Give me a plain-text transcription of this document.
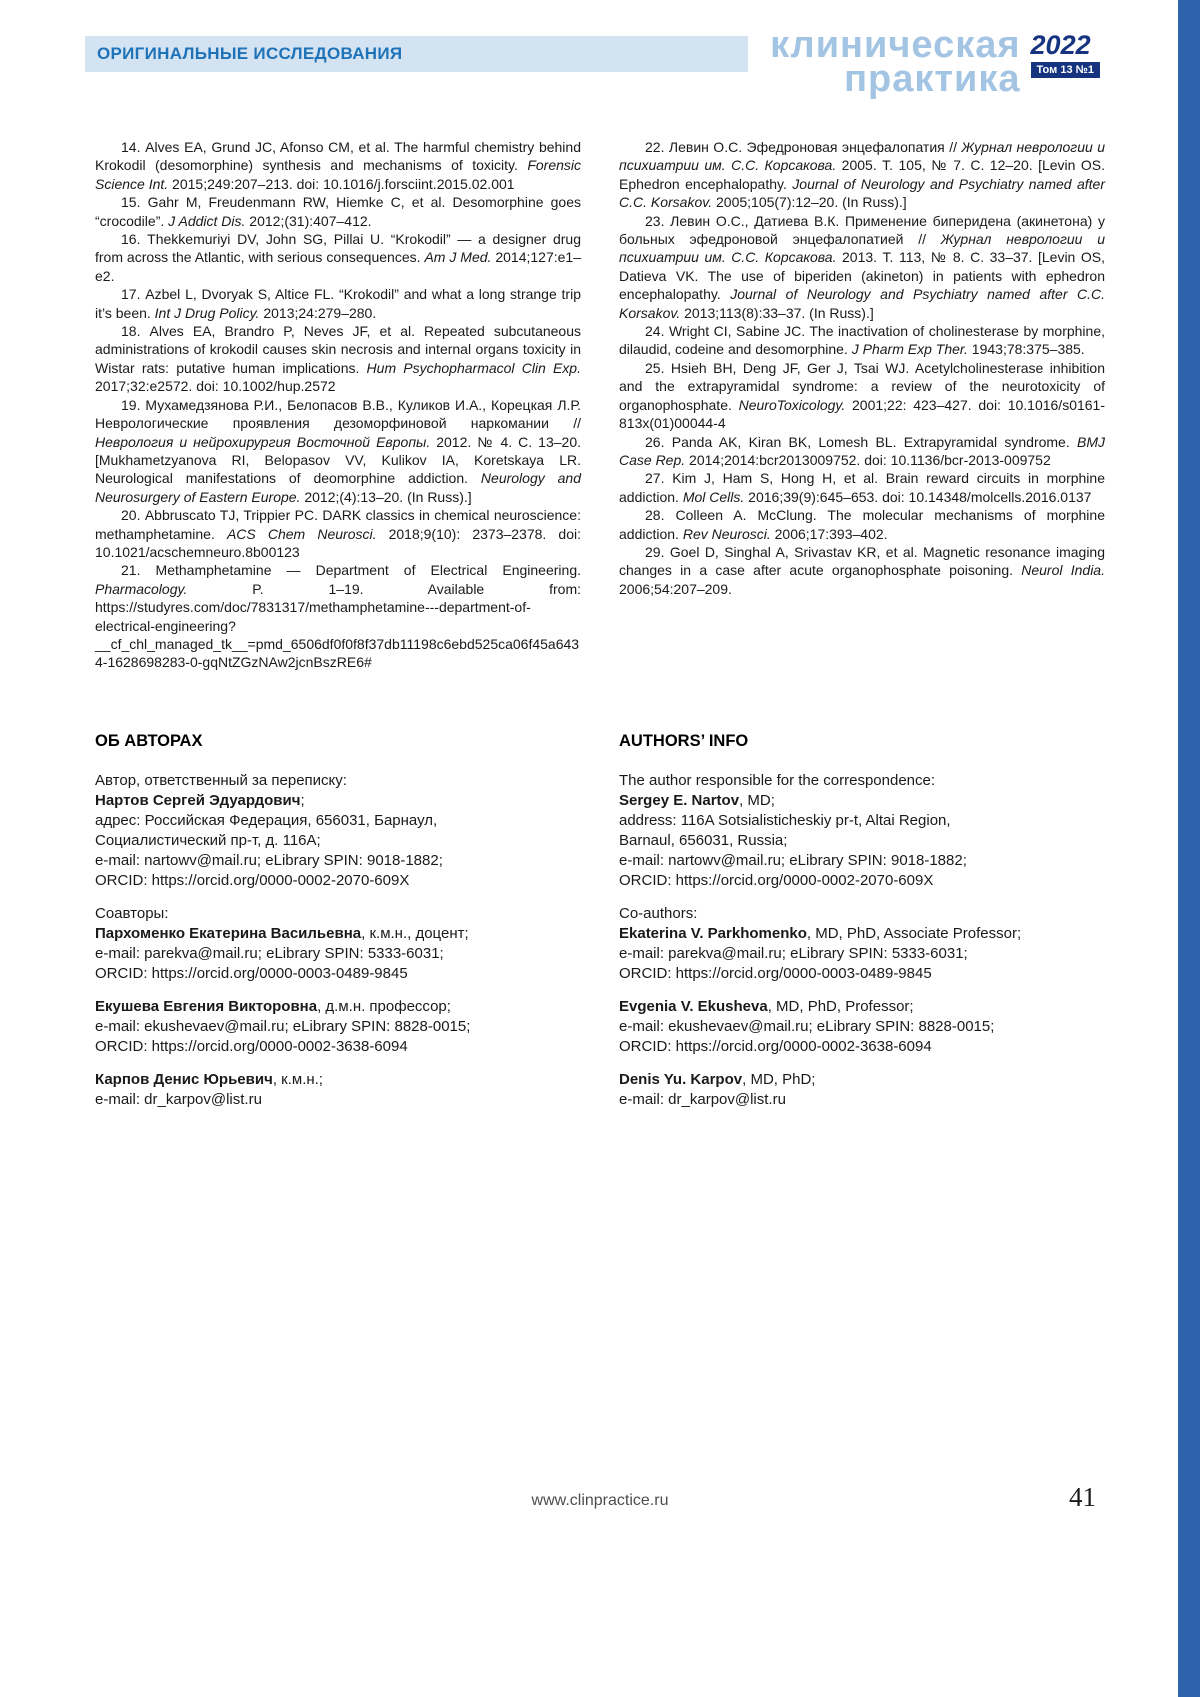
ОРИГИНАЛЬНЫЕ ИССЛЕДОВАНИЯ	клиническая
практика
2022
Том 13 №1

14. Alves EA, Grund JC, Afonso CM, et al. The harmful chemistry behind Krokodil (desomorphine) synthesis and mechanisms of toxicity. Forensic Science Int. 2015;249:207–213. doi: 10.1016/j.forsciint.2015.02.001

15. Gahr M, Freudenmann RW, Hiemke C, et al. Desomorphine goes “crocodile”. J Addict Dis. 2012;(31):407–412.

16. Thekkemuriyi DV, John SG, Pillai U. “Krokodil” — a designer drug from across the Atlantic, with serious consequences. Am J Med. 2014;127:e1–e2.

17. Azbel L, Dvoryak S, Altice FL. “Krokodil” and what a long strange trip it’s been. Int J Drug Policy. 2013;24:279–280.

18. Alves EA, Brandro P, Neves JF, et al. Repeated subcutaneous administrations of krokodil causes skin necrosis and internal organs toxicity in Wistar rats: putative human implications. Hum Psychopharmacol Clin Exp. 2017;32:e2572. doi: 10.1002/hup.2572

19. Мухамедзянова Р.И., Белопасов В.В., Куликов И.А., Корецкая Л.Р. Неврологические проявления дезоморфиновой наркомании // Неврология и нейрохирургия Восточной Европы. 2012. № 4. С. 13–20. [Mukhametzyanova RI, Belopasov VV, Kulikov IA, Koretskaya LR. Neurological manifestations of deomorphine addiction. Neurology and Neurosurgery of Eastern Europe. 2012;(4):13–20. (In Russ).]

20. Abbruscato TJ, Trippier PC. DARK classics in chemical neuroscience: methamphetamine. ACS Chem Neurosci. 2018;9(10): 2373–2378. doi: 10.1021/acschemneuro.8b00123

21. Methamphetamine — Department of Electrical Engineering. Pharmacology. P. 1–19. Available from: https://studyres.com/doc/7831317/methamphetamine---department-of-electrical-engineering?__cf_chl_managed_tk__=pmd_6506df0f0f8f37db11198c6ebd525ca06f45a6434-1628698283-0-gqNtZGzNAw2jcnBszRE6#

22. Левин О.С. Эфедроновая энцефалопатия // Журнал неврологии и психиатрии им. С.С. Корсакова. 2005. Т. 105, № 7. С. 12–20. [Levin OS. Ephedron encephalopathy. Journal of Neurology and Psychiatry named after C.C. Korsakov. 2005;105(7):12–20. (In Russ).]

23. Левин О.С., Датиева В.К. Применение биперидена (акинетона) у больных эфедроновой энцефалопатией // Журнал неврологии и психиатрии им. С.С. Корсакова. 2013. Т. 113, № 8. С. 33–37. [Levin OS, Datieva VK. The use of biperiden (akineton) in patients with ephedron encephalopathy. Journal of Neurology and Psychiatry named after C.C. Korsakov. 2013;113(8):33–37. (In Russ).]

24. Wright CI, Sabine JC. The inactivation of cholinesterase by morphine, dilaudid, codeine and desomorphine. J Pharm Exp Ther. 1943;78:375–385.

25. Hsieh BH, Deng JF, Ger J, Tsai WJ. Acetylcholinesterase inhibition and the extrapyramidal syndrome: a review of the neurotoxicity of organophosphate. NeuroToxicology. 2001;22: 423–427. doi: 10.1016/s0161-813x(01)00044-4

26. Panda AK, Kiran BK, Lomesh BL. Extrapyramidal syndrome. BMJ Case Rep. 2014;2014:bcr2013009752. doi: 10.1136/bcr-2013-009752

27. Kim J, Ham S, Hong H, et al. Brain reward circuits in morphine addiction. Mol Cells. 2016;39(9):645–653. doi: 10.14348/molcells.2016.0137

28. Colleen A. McClung. The molecular mechanisms of morphine addiction. Rev Neurosci. 2006;17:393–402.

29. Goel D, Singhal A, Srivastav KR, et al. Magnetic resonance imaging changes in a case after acute organophosphate poisoning. Neurol India. 2006;54:207–209.

ОБ АВТОРАХ

Автор, ответственный за переписку:
Нартов Сергей Эдуардович;
адрес: Российская Федерация, 656031, Барнаул,
Социалистический пр-т, д. 116А;
e-mail: nartowv@mail.ru; eLibrary SPIN: 9018-1882;
ORCID: https://orcid.org/0000-0002-2070-609X

Соавторы:
Пархоменко Екатерина Васильевна, к.м.н., доцент;
e-mail: parekva@mail.ru; eLibrary SPIN: 5333-6031;
ORCID: https://orcid.org/0000-0003-0489-9845

Екушева Евгения Викторовна, д.м.н. профессор;
e-mail: ekushevaev@mail.ru; eLibrary SPIN: 8828-0015;
ORCID: https://orcid.org/0000-0002-3638-6094

Карпов Денис Юрьевич, к.м.н.;
e-mail: dr_karpov@list.ru

AUTHORS’ INFO

The author responsible for the correspondence:
Sergey E. Nartov, MD;
address: 116A Sotsialisticheskiy pr-t, Altai Region,
Barnaul, 656031, Russia;
e-mail: nartowv@mail.ru; eLibrary SPIN: 9018-1882;
ORCID: https://orcid.org/0000-0002-2070-609X

Co-authors:
Ekaterina V. Parkhomenko, MD, PhD, Associate Professor;
e-mail: parekva@mail.ru; eLibrary SPIN: 5333-6031;
ORCID: https://orcid.org/0000-0003-0489-9845

Evgenia V. Ekusheva, MD, PhD, Professor;
e-mail: ekushevaev@mail.ru; eLibrary SPIN: 8828-0015;
ORCID: https://orcid.org/0000-0002-3638-6094

Denis Yu. Karpov, MD, PhD;
e-mail: dr_karpov@list.ru

www.clinpractice.ru	41
